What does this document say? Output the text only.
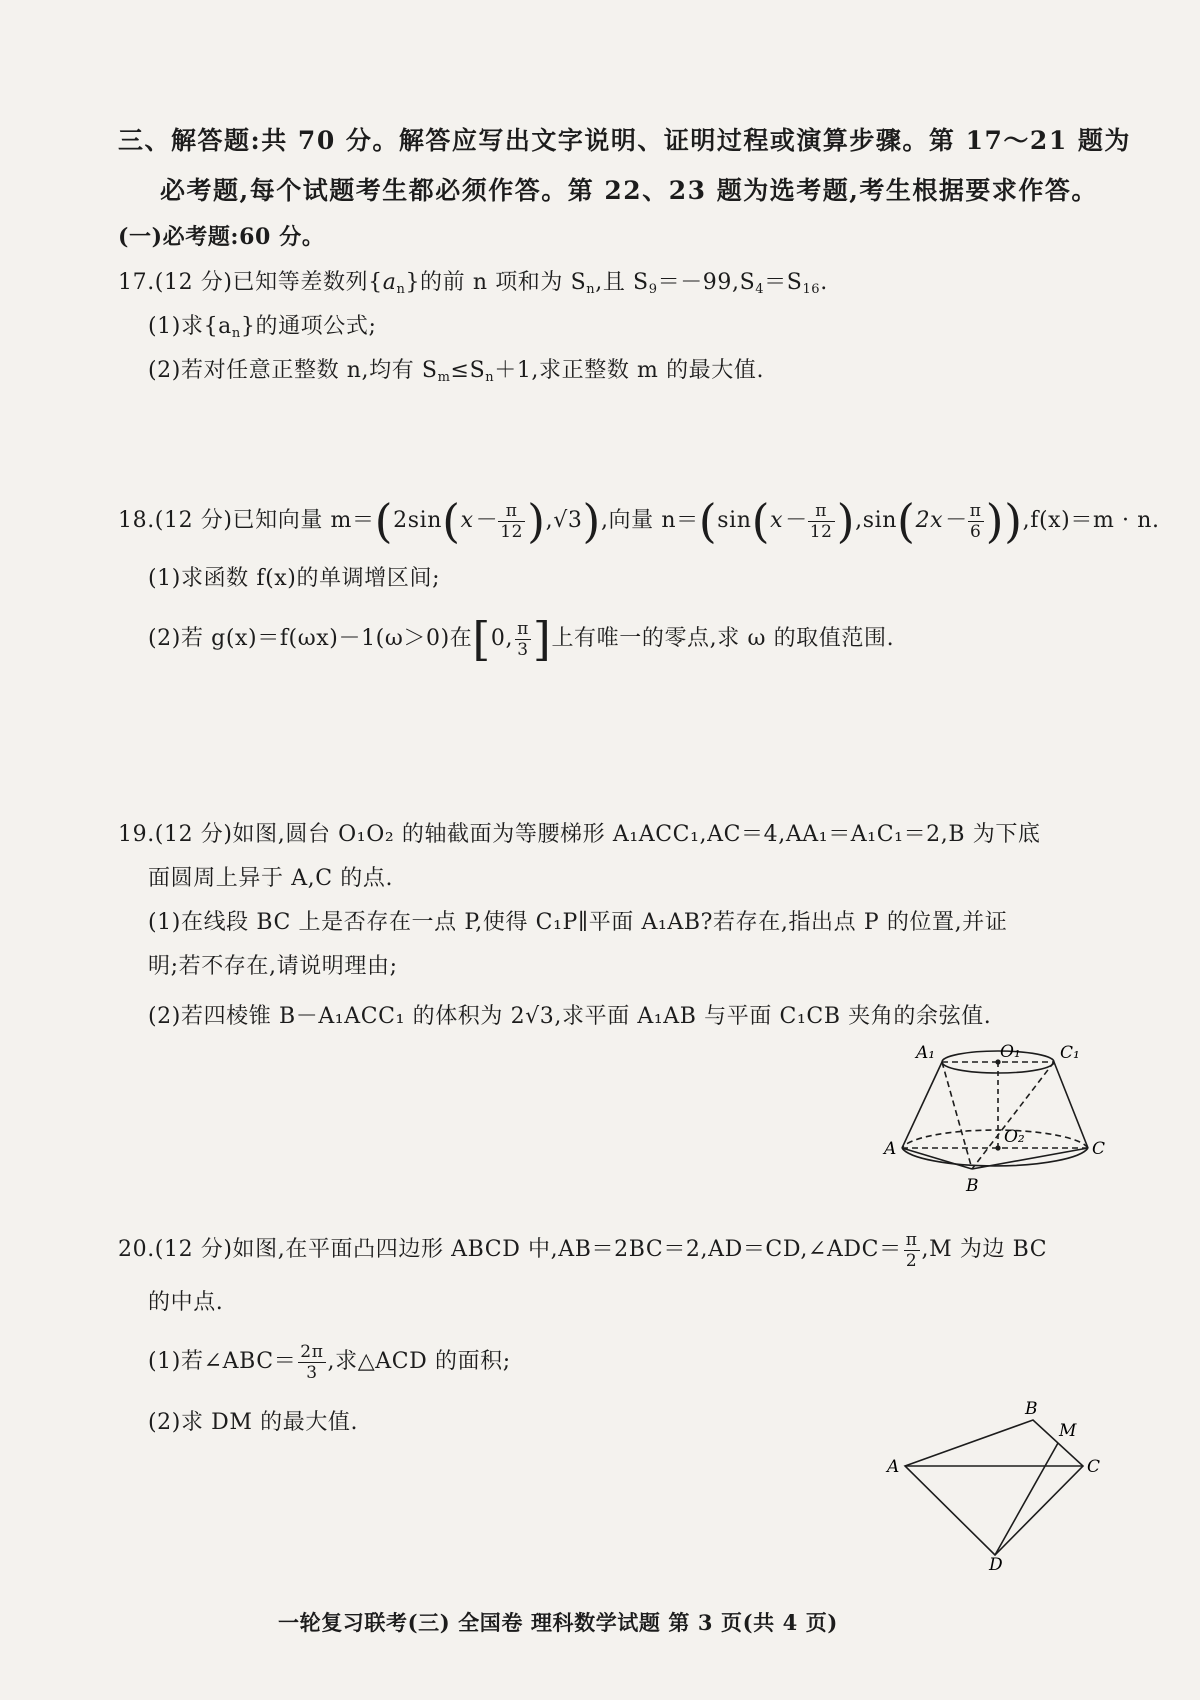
三、解答题:共 70 分。解答应写出文字说明、证明过程或演算步骤。第 17～21 题为
必考题,每个试题考生都必须作答。第 22、23 题为选考题,考生根据要求作答。
(一)必考题:60 分。
17.(12 分)已知等差数列$\{a_n\}$的前 n 项和为 $S_n$,且 $S_9=-99,S_4=S_{16}$.
(1)求$\{a_n\}$的通项公式;
(2)若对任意正整数 n,均有 $S_m\le S_n+1$,求正整数 m 的最大值.
18.(12 分)已知向量 $m=(2\sin(x- \frac{\pi}{12} ),√3)$,向量 $n=(\sin(x- \frac{\pi}{12} ),\sin(2x- \frac{\pi}{6} )),f(x)=m \cdot n$.
(1)求函数 f(x)的单调增区间;
(2)若 g(x)＝f(ωx)－1(ω＞0)在[0, $\frac{\pi}{3}$ ]上有唯一的零点,求 ω 的取值范围.
19.(12 分)如图,圆台 O₁O₂ 的轴截面为等腰梯形 A₁ACC₁,AC＝4,AA₁＝A₁C₁＝2,B 为下底
面圆周上异于 A,C 的点.
(1)在线段 BC 上是否存在一点 P,使得 C₁P∥平面 A₁AB?若存在,指出点 P 的位置,并证
明;若不存在,请说明理由;
(2)若四棱锥 B－A₁ACC₁ 的体积为 2√3,求平面 A₁AB 与平面 C₁CB 夹角的余弦值.
A₁	O₁ C₁
O₂
A	C
B
20.(12 分)如图,在平面凸四边形 ABCD 中,AB＝2BC＝2,AD＝CD,∠ADC＝ $\frac{\pi}{2} ,M$ 为边 BC
的中点.
(1)若∠ABC＝ $\frac{2\pi}{3}$ ,求△ACD 的面积;
(2)求 DM 的最大值.
A
B
M
C
D
一轮复习联考(三) 全国卷 理科数学试题 第 3 页(共 4 页)
